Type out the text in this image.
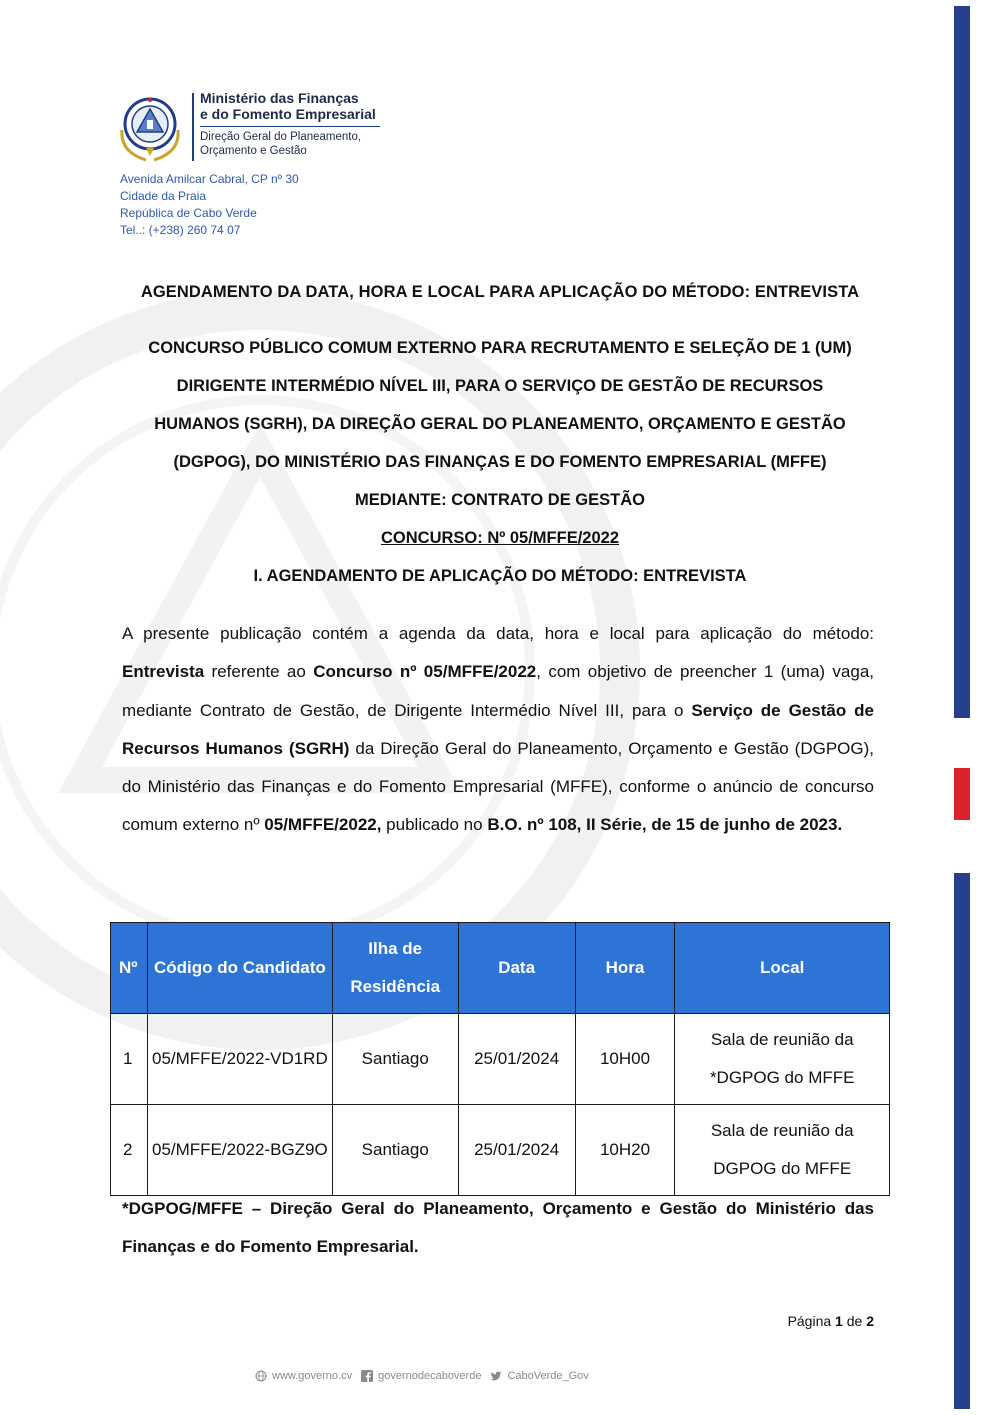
Ministério das Finanças
e do Fomento Empresarial
Direção Geral do Planeamento,
Orçamento e Gestão
Avenida Amilcar Cabral, CP nº 30
Cidade da Praia
República de Cabo Verde
Tel..: (+238) 260 74 07
AGENDAMENTO DA DATA, HORA E LOCAL PARA APLICAÇÃO DO MÉTODO: ENTREVISTA
CONCURSO PÚBLICO COMUM EXTERNO PARA RECRUTAMENTO E SELEÇÃO DE 1 (UM)
DIRIGENTE INTERMÉDIO NÍVEL III, PARA O SERVIÇO DE GESTÃO DE RECURSOS
HUMANOS (SGRH), DA DIREÇÃO GERAL DO PLANEAMENTO, ORÇAMENTO E GESTÃO
(DGPOG), DO MINISTÉRIO DAS FINANÇAS E DO FOMENTO EMPRESARIAL (MFFE)
MEDIANTE: CONTRATO DE GESTÃO
CONCURSO: Nº 05/MFFE/2022
I. AGENDAMENTO DE APLICAÇÃO DO MÉTODO: ENTREVISTA

A presente publicação contém a agenda da data, hora e local para aplicação do método: Entrevista referente ao Concurso nº 05/MFFE/2022, com objetivo de preencher 1 (uma) vaga, mediante Contrato de Gestão, de Dirigente Intermédio Nível III, para o Serviço de Gestão de Recursos Humanos (SGRH) da Direção Geral do Planeamento, Orçamento e Gestão (DGPOG), do Ministério das Finanças e do Fomento Empresarial (MFFE), conforme o anúncio de concurso comum externo nº 05/MFFE/2022, publicado no B.O. nº 108, II Série, de 15 de junho de 2023.

Nº	Código do Candidato	Ilha de Residência	Data	Hora	Local
1	05/MFFE/2022-VD1RD	Santiago	25/01/2024	10H00	Sala de reunião da *DGPOG do MFFE
2	05/MFFE/2022-BGZ9O	Santiago	25/01/2024	10H20	Sala de reunião da DGPOG do MFFE

*DGPOG/MFFE – Direção Geral do Planeamento, Orçamento e Gestão do Ministério das Finanças e do Fomento Empresarial.

Página 1 de 2
www.governo.cv governodecaboverde CaboVerde_Gov
